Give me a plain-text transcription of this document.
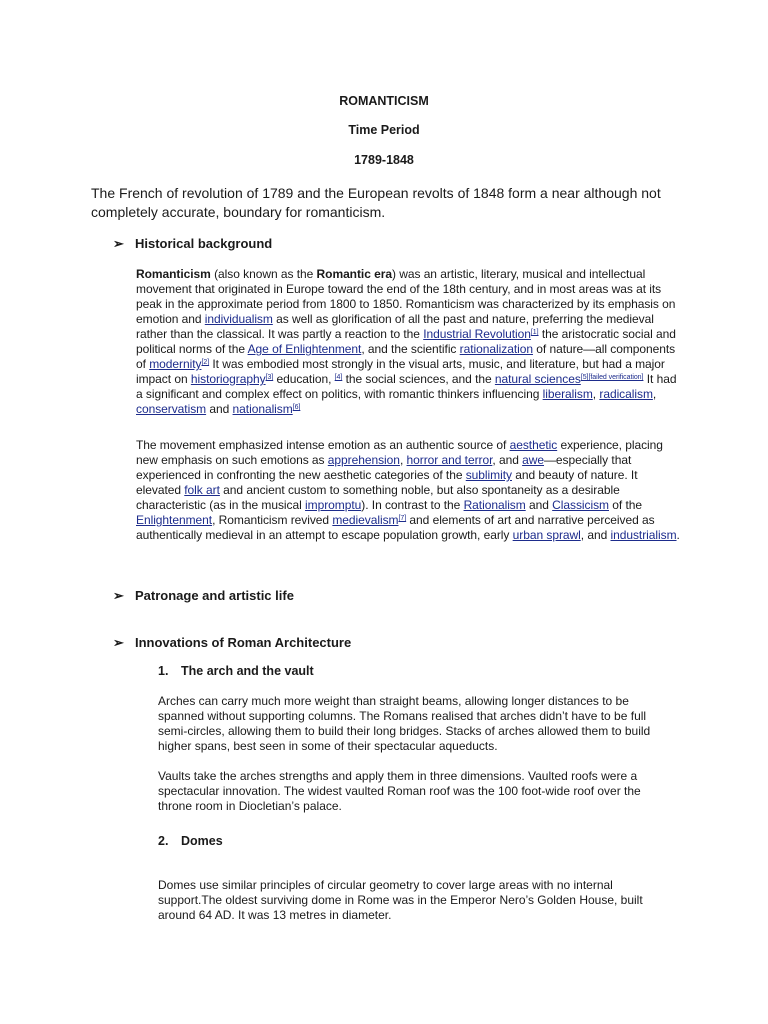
ROMANTICISM
Time Period
1789-1848
The French of revolution of 1789 and the European revolts of 1848 form a near although not completely accurate, boundary for romanticism.
➢ Historical background
Romanticism (also known as the Romantic era) was an artistic, literary, musical and intellectual movement that originated in Europe toward the end of the 18th century, and in most areas was at its peak in the approximate period from 1800 to 1850. Romanticism was characterized by its emphasis on emotion and individualism as well as glorification of all the past and nature, preferring the medieval rather than the classical. It was partly a reaction to the Industrial Revolution[1] the aristocratic social and political norms of the Age of Enlightenment, and the scientific rationalization of nature—all components of modernity[2] It was embodied most strongly in the visual arts, music, and literature, but had a major impact on historiography[3] education, [4] the social sciences, and the natural sciences[5][failed verification] It had a significant and complex effect on politics, with romantic thinkers influencing liberalism, radicalism, conservatism and nationalism[6]
The movement emphasized intense emotion as an authentic source of aesthetic experience, placing new emphasis on such emotions as apprehension, horror and terror, and awe—especially that experienced in confronting the new aesthetic categories of the sublimity and beauty of nature. It elevated folk art and ancient custom to something noble, but also spontaneity as a desirable characteristic (as in the musical impromptu). In contrast to the Rationalism and Classicism of the Enlightenment, Romanticism revived medievalism[7] and elements of art and narrative perceived as authentically medieval in an attempt to escape population growth, early urban sprawl, and industrialism.
➢ Patronage and artistic life
➢ Innovations of Roman Architecture
1. The arch and the vault
Arches can carry much more weight than straight beams, allowing longer distances to be spanned without supporting columns. The Romans realised that arches didn’t have to be full semi-circles, allowing them to build their long bridges. Stacks of arches allowed them to build higher spans, best seen in some of their spectacular aqueducts.
Vaults take the arches strengths and apply them in three dimensions. Vaulted roofs were a spectacular innovation. The widest vaulted Roman roof was the 100 foot-wide roof over the throne room in Diocletian’s palace.
2. Domes
Domes use similar principles of circular geometry to cover large areas with no internal support.The oldest surviving dome in Rome was in the Emperor Nero’s Golden House, built around 64 AD. It was 13 metres in diameter.
